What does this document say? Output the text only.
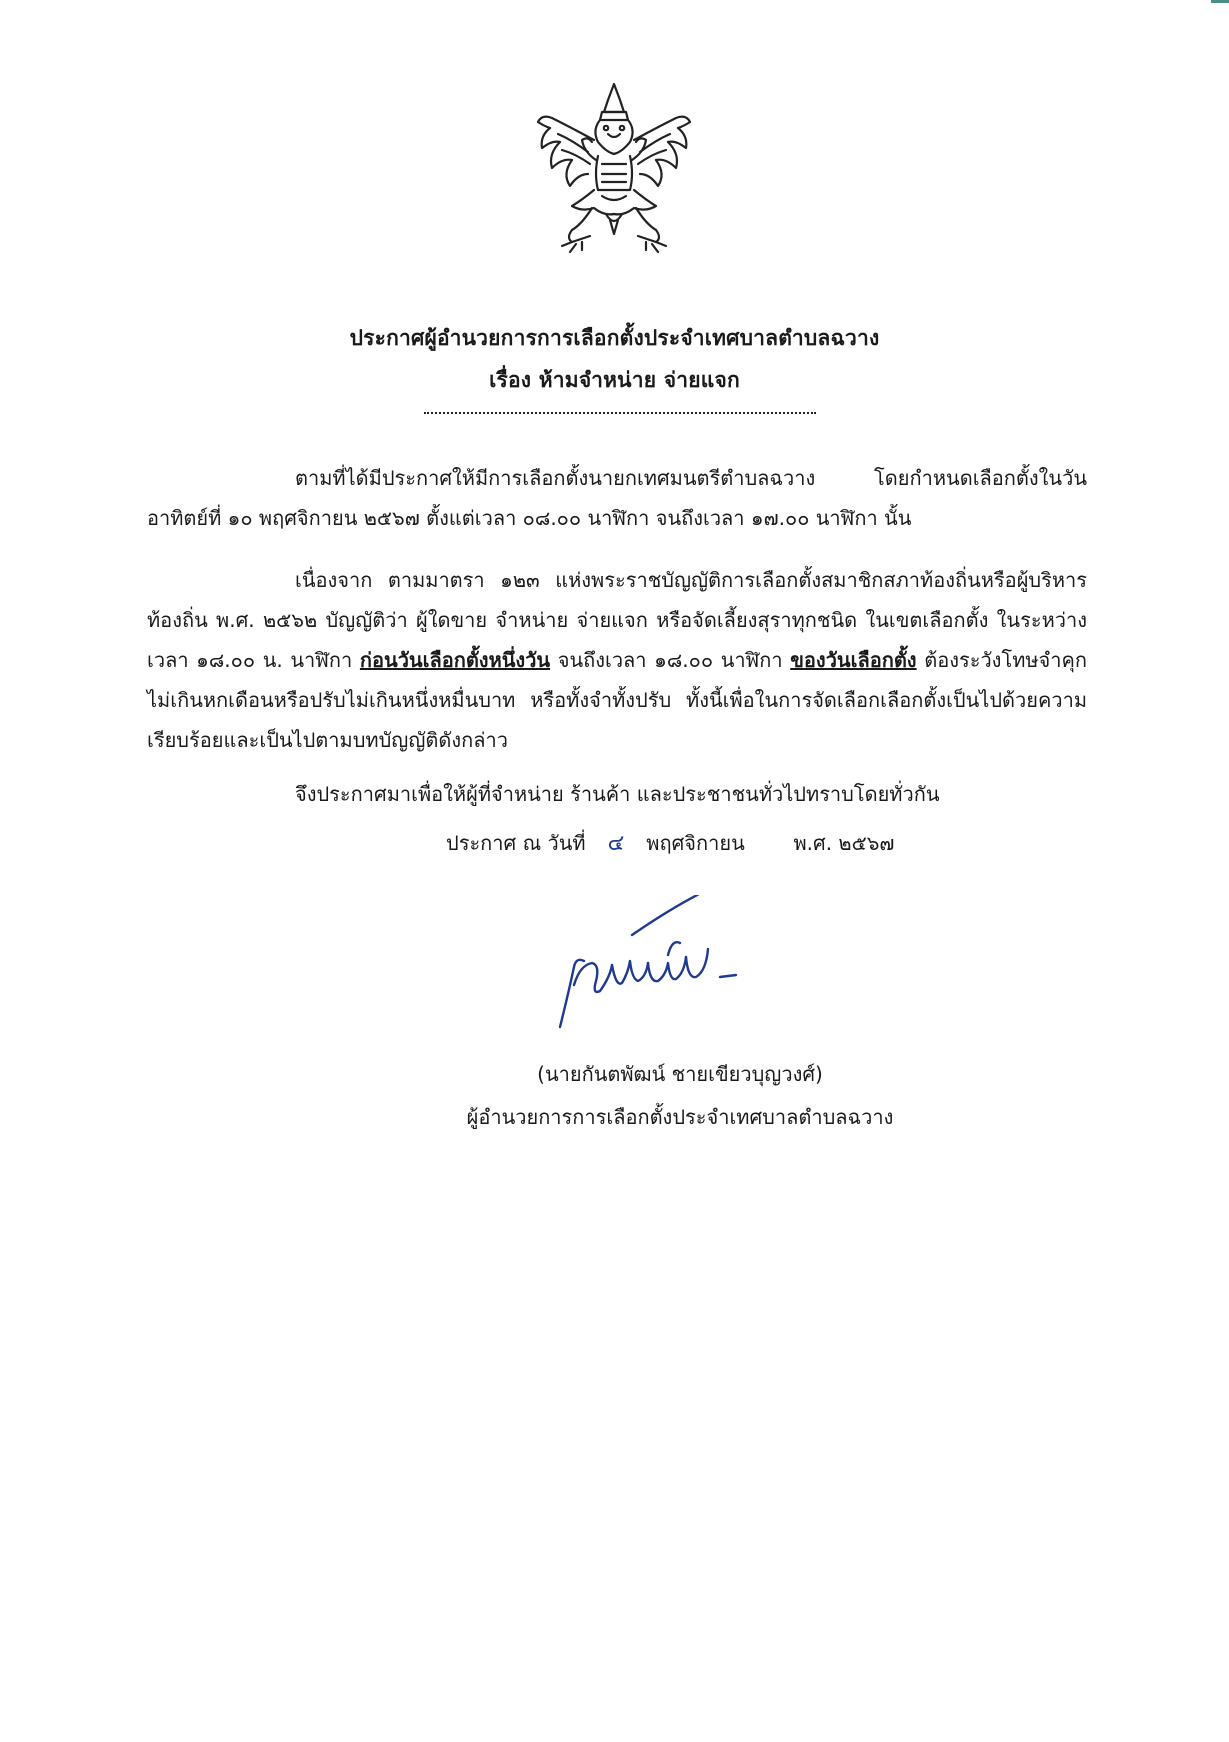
ประกาศผู้อำนวยการการเลือกตั้งประจำเทศบาลตำบลฉวาง
เรื่อง ห้ามจำหน่าย จ่ายแจก
ตามที่ได้มีประกาศให้มีการเลือกตั้งนายกเทศมนตรีตำบลฉวาง โดยกำหนดเลือกตั้งในวันอาทิตย์ที่ ๑๐ พฤศจิกายน ๒๕๖๗ ตั้งแต่เวลา ๐๘.๐๐ นาฬิกา จนถึงเวลา ๑๗.๐๐ นาฬิกา นั้น
เนื่องจาก ตามมาตรา ๑๒๓ แห่งพระราชบัญญัติการเลือกตั้งสมาชิกสภาท้องถิ่นหรือผู้บริหารท้องถิ่น พ.ศ. ๒๕๖๒ บัญญัติว่า ผู้ใดขาย จำหน่าย จ่ายแจก หรือจัดเลี้ยงสุราทุกชนิด ในเขตเลือกตั้ง ในระหว่างเวลา ๑๘.๐๐ น. นาฬิกา ก่อนวันเลือกตั้งหนึ่งวัน จนถึงเวลา ๑๘.๐๐ นาฬิกา ของวันเลือกตั้ง ต้องระวังโทษจำคุกไม่เกินหกเดือนหรือปรับไม่เกินหนึ่งหมื่นบาท หรือทั้งจำทั้งปรับ ทั้งนี้เพื่อในการจัดเลือกเลือกตั้งเป็นไปด้วยความเรียบร้อยและเป็นไปตามบทบัญญัติดังกล่าว
จึงประกาศมาเพื่อให้ผู้ที่จำหน่าย ร้านค้า และประชาชนทั่วไปทราบโดยทั่วกัน
ประกาศ ณ วันที่ ๔ พฤศจิกายน พ.ศ. ๒๕๖๗
(นายกันตพัฒน์ ชายเขียวบุญวงศ์)
ผู้อำนวยการการเลือกตั้งประจำเทศบาลตำบลฉวาง
